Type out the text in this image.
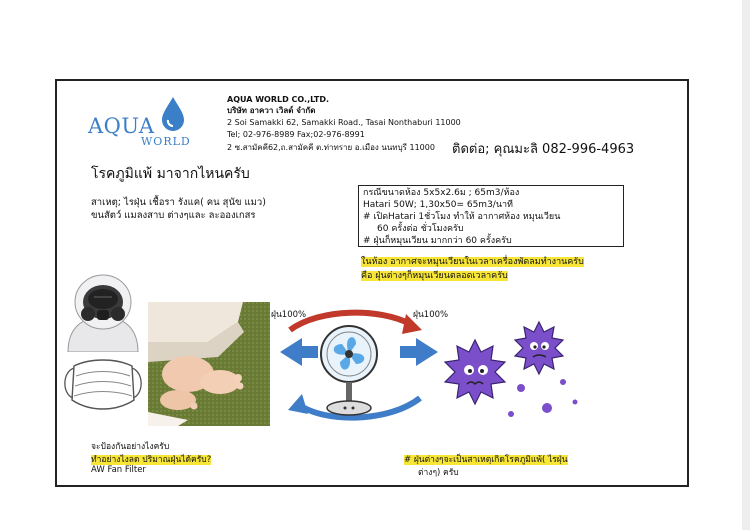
AQUA
WORLD
AQUA WORLD CO.,LTD.
บริษัท อาควา เวิลด์ จำกัด
2 Soi Samakki 62, Samakki Road., Tasai Nonthaburi 11000
Tel; 02-976-8989 Fax;02-976-8991
2 ซ.สามัคคี62,ถ.สามัคคี ต.ท่าทราย อ.เมือง นนทบุรี 11000 ติดต่อ; คุณมะลิ 082-996-4963
โรคภูมิแพ้ มาจากไหนครับ
สาเหตุ; ไรฝุ่น เชื้อรา รังแค( คน สุนัข แมว)
ขนสัตว์ แมลงสาบ ต่างๆและ ละอองเกสร
กรณีขนาดห้อง 5x5x2.6ม ; 65m3/ห้อง
Hatari 50W; 1,30x50= 65m3/นาที
# เปิดHatari 1ชั่วโมง ทำให้ อากาศห้อง หมุนเวียน
60 ครั้งต่อ ชั่วโมงครับ
# ฝุ่นก็หมุนเวียน มากกว่า 60 ครั้งครับ
ในห้อง อากาศจะหมุนเวียนในเวลาเครื่องพัดลมทำงานครับ
คือ ฝุ่นต่างๆก็หมุนเวียนตลอดเวลาครับ
ฝุ่น100%	ฝุ่น100%
จะป้องกันอย่างไงครับ
ทำอย่างไงลด ปริมาณฝุ่นได้ครับ?
AW Fan Filter
# ฝุ่นต่างๆจะเป็นสาเหตุเกิดโรคภูมิแพ้( ไรฝุ่น
ต่างๆ) ครับ
